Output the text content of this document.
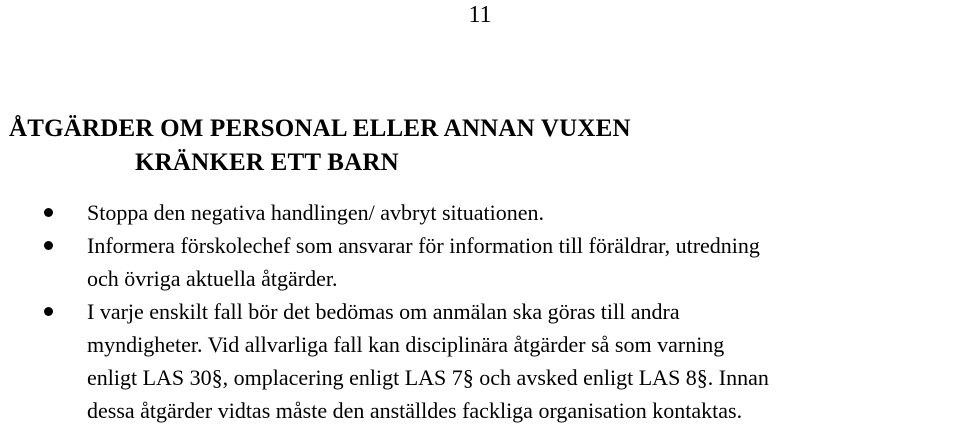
11
ÅTGÄRDER OM PERSONAL ELLER ANNAN VUXEN
KRÄNKER ETT BARN
Stoppa den negativa handlingen/ avbryt situationen.
Informera förskolechef som ansvarar för information till föräldrar, utredning
och övriga aktuella åtgärder.
I varje enskilt fall bör det bedömas om anmälan ska göras till andra
myndigheter. Vid allvarliga fall kan disciplinära åtgärder så som varning
enligt LAS 30§, omplacering enligt LAS 7§ och avsked enligt LAS 8§. Innan
dessa åtgärder vidtas måste den anställdes fackliga organisation kontaktas.
